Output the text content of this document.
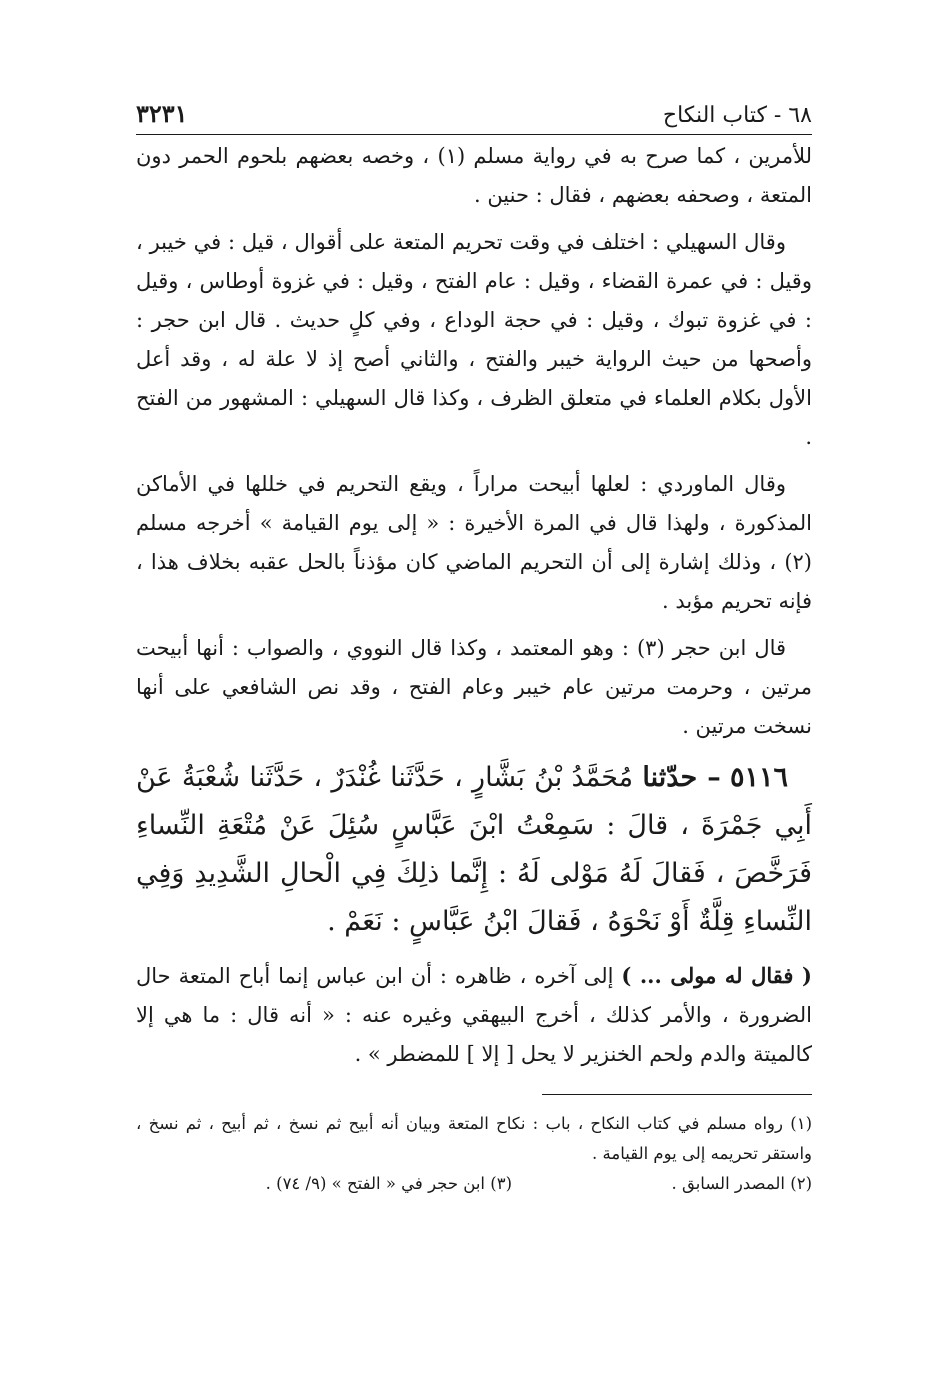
٦٨ - كتاب النكاح
٣٢٣١

للأمرين ، كما صرح به في رواية مسلم (١) ، وخصه بعضهم بلحوم الحمر دون المتعة ، وصحفه بعضهم ، فقال : حنين .

وقال السهيلي : اختلف في وقت تحريم المتعة على أقوال ، قيل : في خيبر ، وقيل : في عمرة القضاء ، وقيل : عام الفتح ، وقيل : في غزوة أوطاس ، وقيل : في غزوة تبوك ، وقيل : في حجة الوداع ، وفي كلٍ حديث . قال ابن حجر : وأصحها من حيث الرواية خيبر والفتح ، والثاني أصح إذ لا علة له ، وقد أعل الأول بكلام العلماء في متعلق الظرف ، وكذا قال السهيلي : المشهور من الفتح .

وقال الماوردي : لعلها أبيحت مراراً ، ويقع التحريم في خللها في الأماكن المذكورة ، ولهذا قال في المرة الأخيرة : « إلى يوم القيامة » أخرجه مسلم (٢) ، وذلك إشارة إلى أن التحريم الماضي كان مؤذناً بالحل عقبه بخلاف هذا ، فإنه تحريم مؤبد .

قال ابن حجر (٣) : وهو المعتمد ، وكذا قال النووي ، والصواب : أنها أبيحت مرتين ، وحرمت مرتين عام خيبر وعام الفتح ، وقد نص الشافعي على أنها نسخت مرتين .

٥١١٦ – حدّثنا مُحَمَّدُ بْنُ بَشَّارٍ ، حَدَّثَنا غُنْدَرٌ ، حَدَّثَنا شُعْبَةُ عَنْ أَبِي جَمْرَةَ ، قالَ : سَمِعْتُ ابْنَ عَبَّاسٍ سُئِلَ عَنْ مُتْعَةِ النِّساءِ فَرَخَّصَ ، فَقالَ لَهُ مَوْلى لَهُ : إِنَّما ذلِكَ فِي الْحالِ الشَّدِيدِ وَفِي النِّساءِ قِلَّةٌ أَوْ نَحْوَهُ ، فَقالَ ابْنُ عَبَّاسٍ : نَعَمْ .

( فقال له مولى ... ) إلى آخره ، ظاهره : أن ابن عباس إنما أباح المتعة حال الضرورة ، والأمر كذلك ، أخرج البيهقي وغيره عنه : « أنه قال : ما هي إلا كالميتة والدم ولحم الخنزير لا يحل [ إلا ] للمضطر » .

(١) رواه مسلم في كتاب النكاح ، باب : نكاح المتعة وبيان أنه أبيح ثم نسخ ، ثم أبيح ، ثم نسخ ، واستقر تحريمه إلى يوم القيامة .

(٢) المصدر السابق .
(٣) ابن حجر في « الفتح » (٩/ ٧٤) .
